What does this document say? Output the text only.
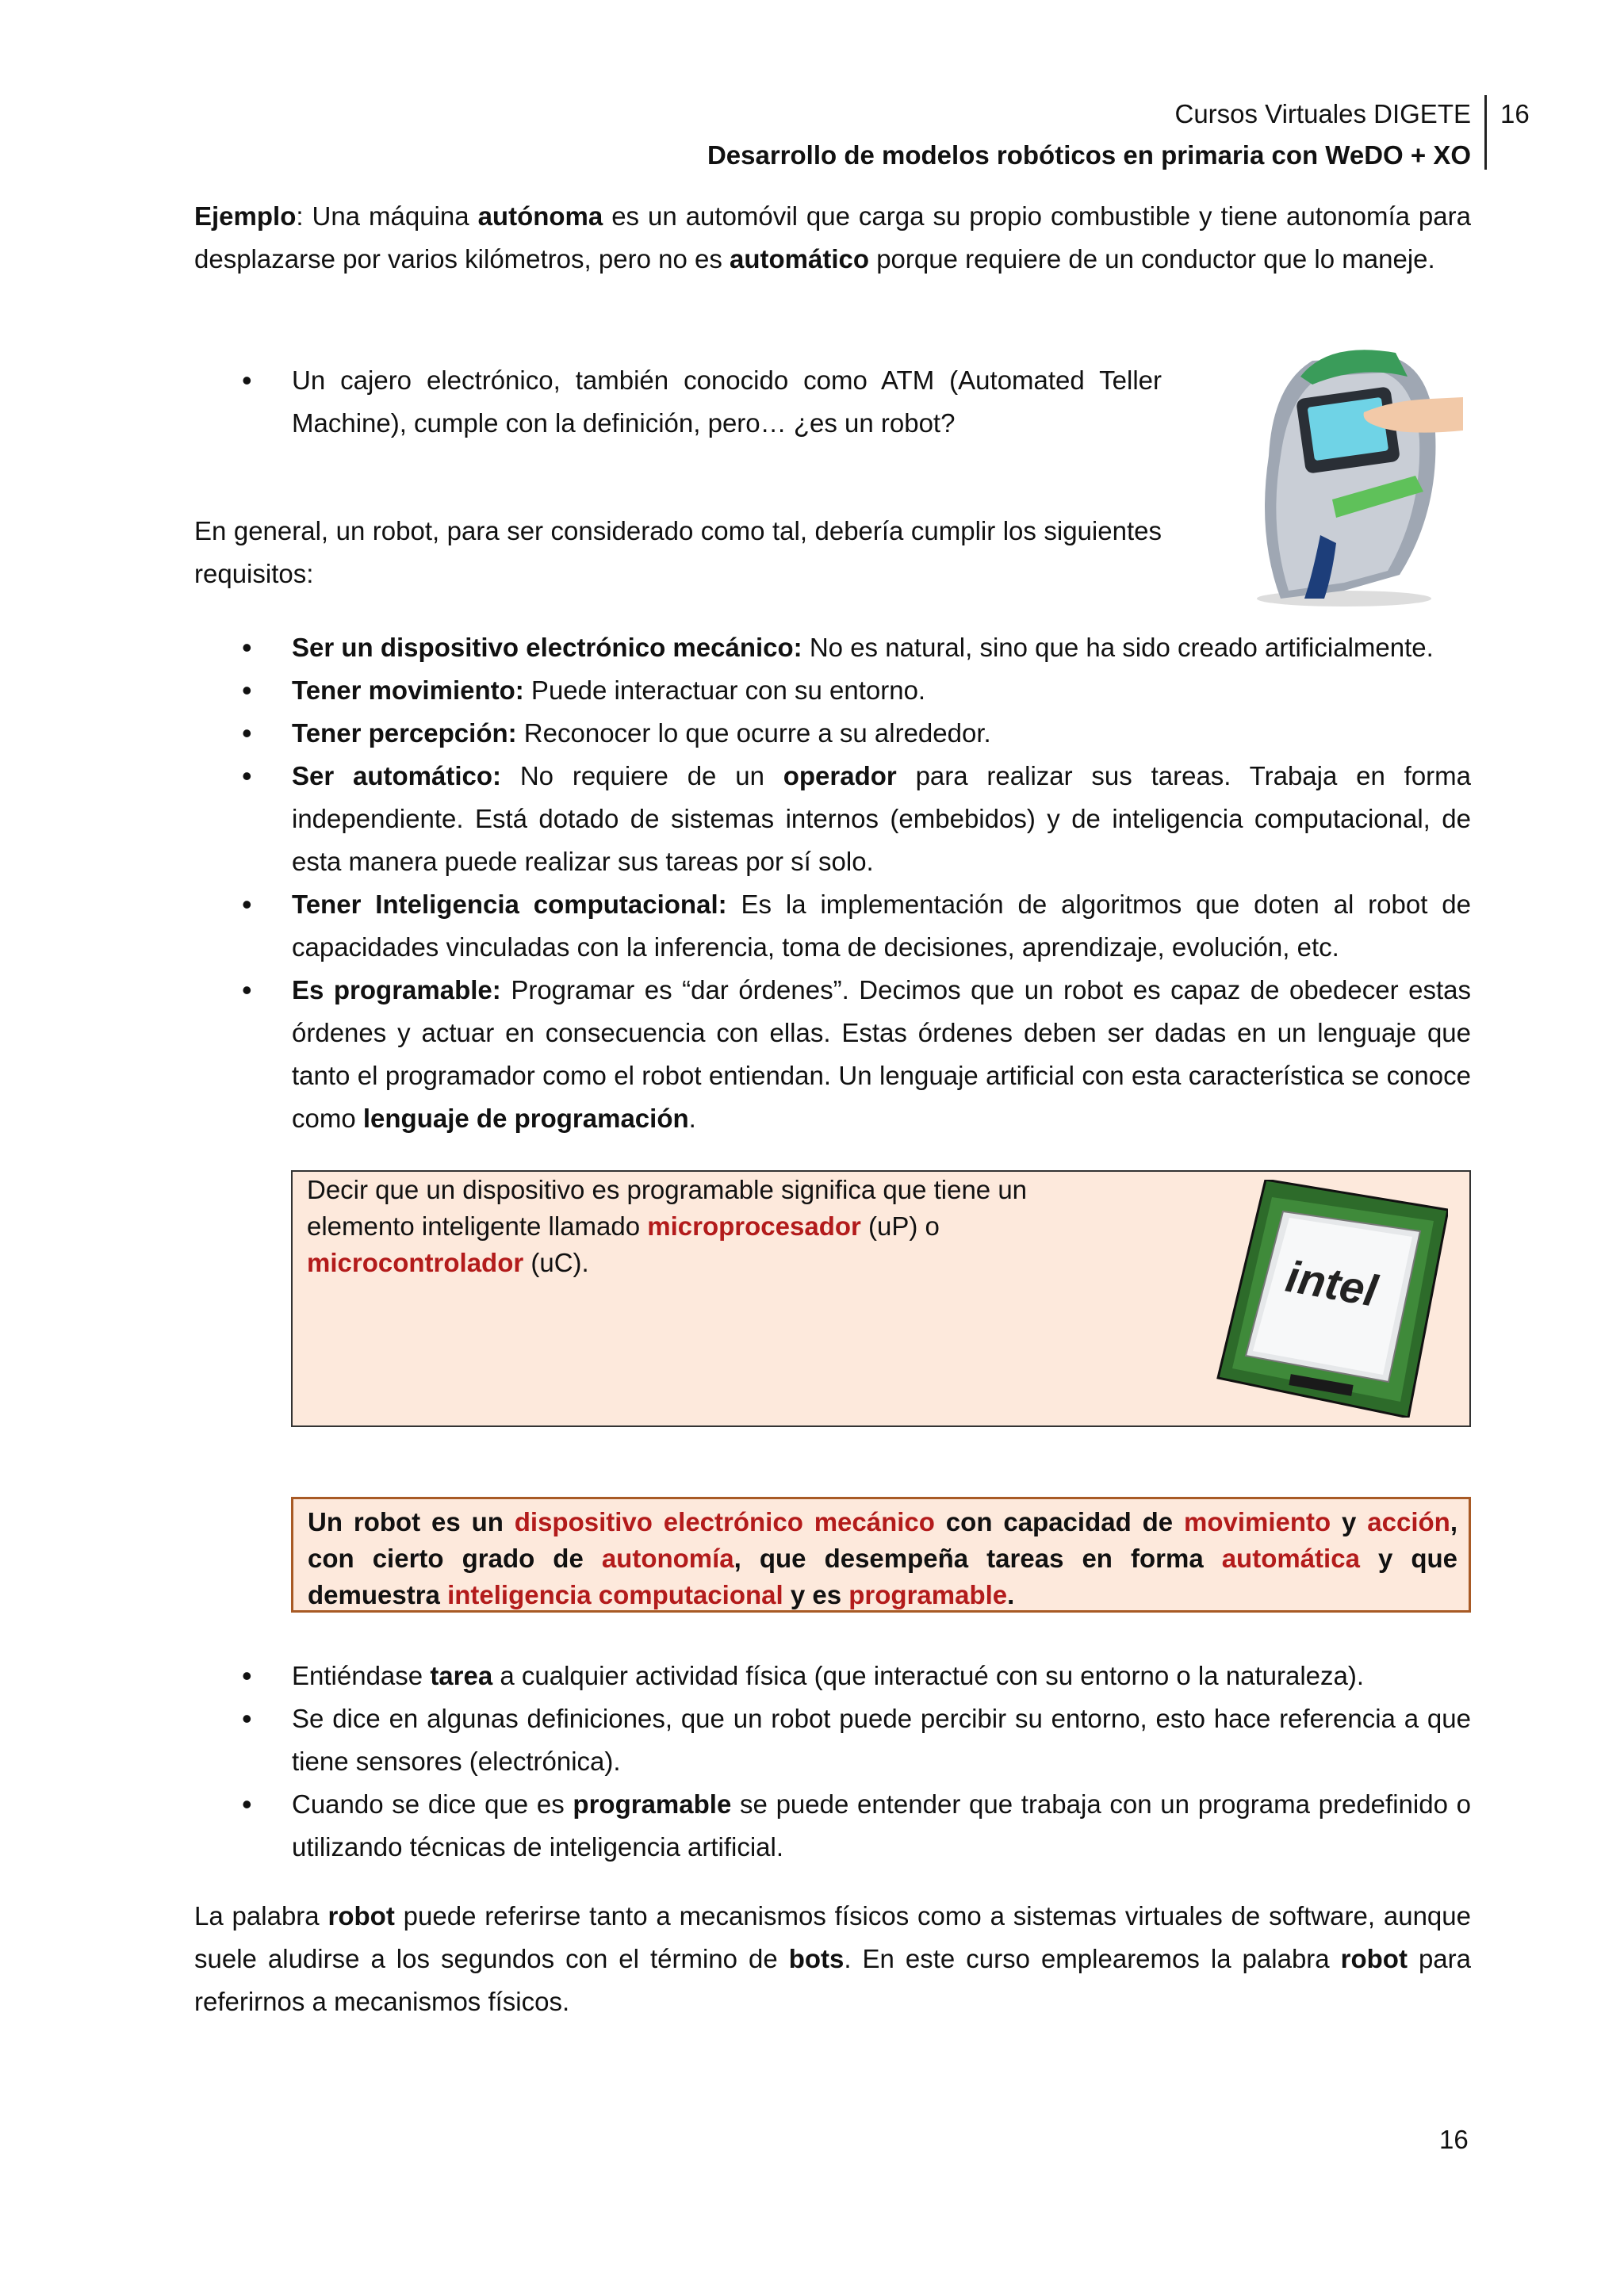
Cursos Virtuales DIGETE
Desarrollo de modelos robóticos en primaria con WeDO + XO
16

Ejemplo: Una máquina autónoma es un automóvil que carga su propio combustible y tiene autonomía para desplazarse por varios kilómetros, pero no es automático porque requiere de un conductor que lo maneje.

• Un cajero electrónico, también conocido como ATM (Automated Teller Machine), cumple con la definición, pero… ¿es un robot?

En general, un robot, para ser considerado como tal, debería cumplir los siguientes requisitos:

• Ser un dispositivo electrónico mecánico: No es natural, sino que ha sido creado artificialmente.
• Tener movimiento: Puede interactuar con su entorno.
• Tener percepción: Reconocer lo que ocurre a su alrededor.
• Ser automático: No requiere de un operador para realizar sus tareas. Trabaja en forma independiente. Está dotado de sistemas internos (embebidos) y de inteligencia computacional, de esta manera puede realizar sus tareas por sí solo.
• Tener Inteligencia computacional: Es la implementación de algoritmos que doten al robot de capacidades vinculadas con la inferencia, toma de decisiones, aprendizaje, evolución, etc.
• Es programable: Programar es “dar órdenes”. Decimos que un robot es capaz de obedecer estas órdenes y actuar en consecuencia con ellas. Estas órdenes deben ser dadas en un lenguaje que tanto el programador como el robot entiendan. Un lenguaje artificial con esta característica se conoce como lenguaje de programación.
Decir que un dispositivo es programable significa que tiene un elemento inteligente llamado microprocesador (uP) o microcontrolador (uC).	intel
Un robot es un dispositivo electrónico mecánico con capacidad de movimiento y acción, con cierto grado de autonomía, que desempeña tareas en forma automática y que demuestra inteligencia computacional y es programable.
• Entiéndase tarea a cualquier actividad física (que interactué con su entorno o la naturaleza).
• Se dice en algunas definiciones, que un robot puede percibir su entorno, esto hace referencia a que tiene sensores (electrónica).
• Cuando se dice que es programable se puede entender que trabaja con un programa predefinido o utilizando técnicas de inteligencia artificial.

La palabra robot puede referirse tanto a mecanismos físicos como a sistemas virtuales de software, aunque suele aludirse a los segundos con el término de bots. En este curso emplearemos la palabra robot para referirnos a mecanismos físicos.

16
